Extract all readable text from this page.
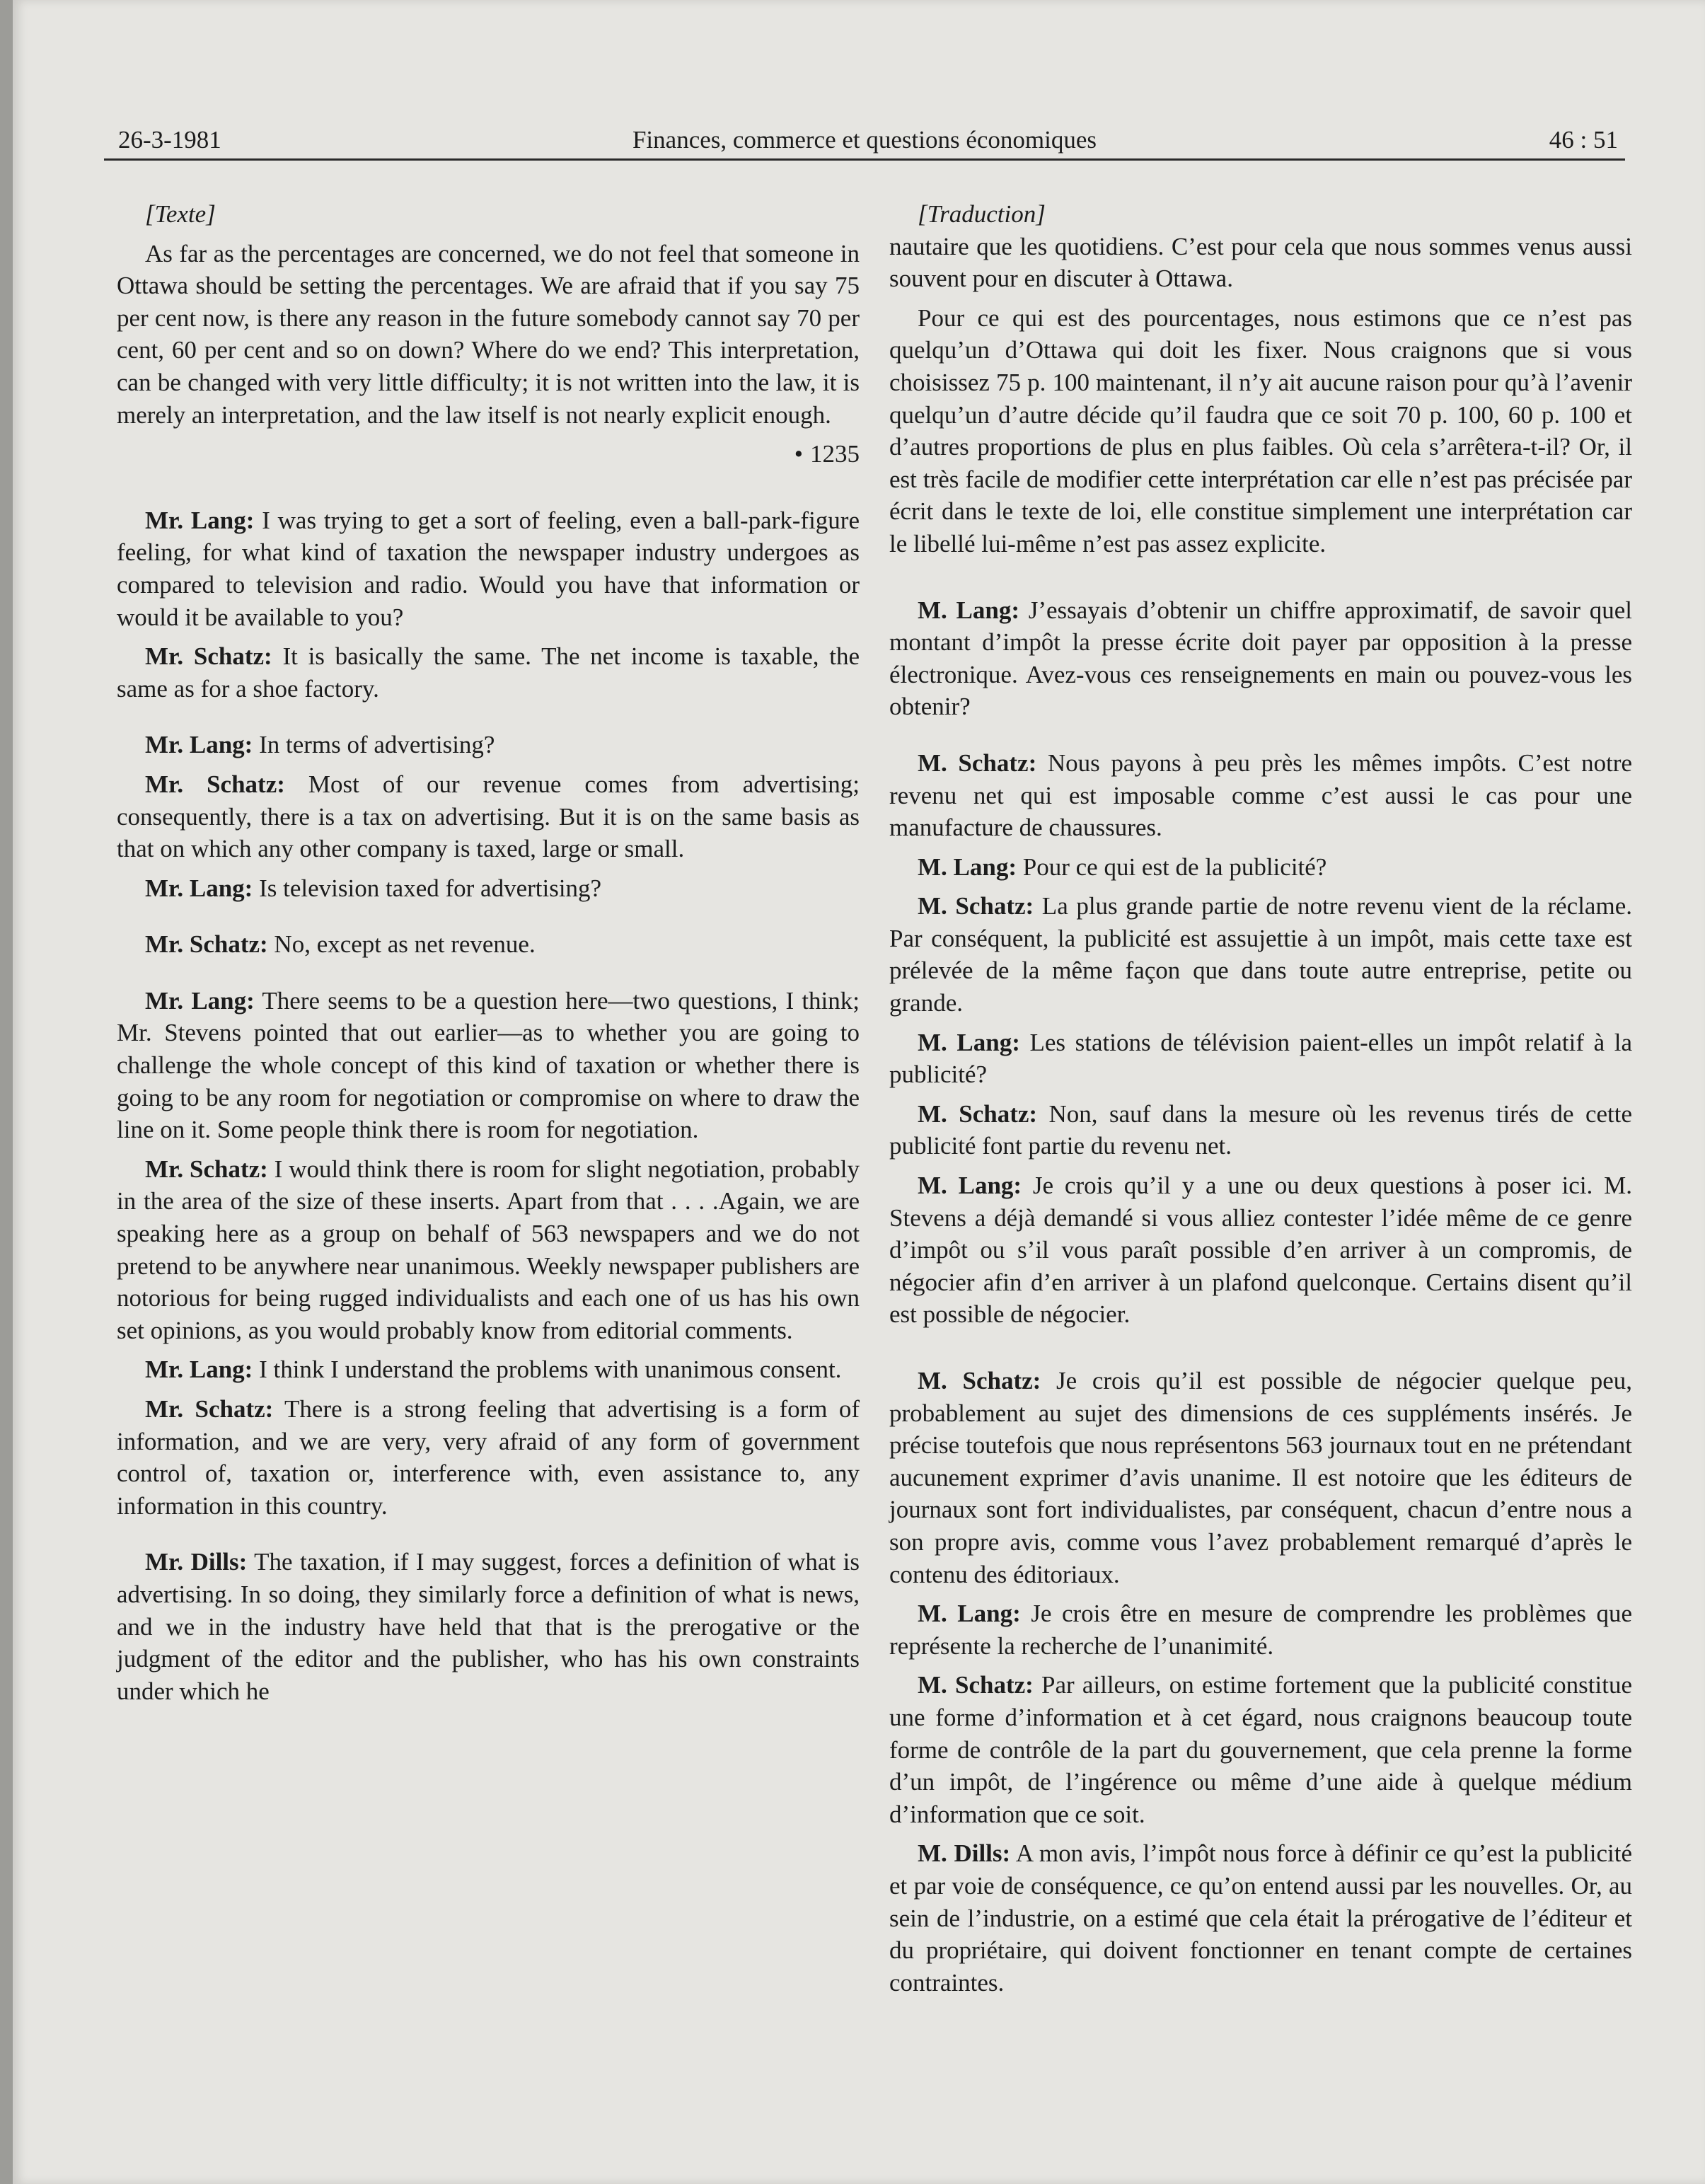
26-3-1981	Finances, commerce et questions économiques	46 : 51

[Texte]

As far as the percentages are concerned, we do not feel that someone in Ottawa should be setting the percentages. We are afraid that if you say 75 per cent now, is there any reason in the future somebody cannot say 70 per cent, 60 per cent and so on down? Where do we end? This interpretation, can be changed with very little difficulty; it is not written into the law, it is merely an interpretation, and the law itself is not nearly explicit enough.

• 1235

Mr. Lang: I was trying to get a sort of feeling, even a ball-park-figure feeling, for what kind of taxation the newspaper industry undergoes as compared to television and radio. Would you have that information or would it be available to you?

Mr. Schatz: It is basically the same. The net income is taxable, the same as for a shoe factory.

Mr. Lang: In terms of advertising?

Mr. Schatz: Most of our revenue comes from advertising; consequently, there is a tax on advertising. But it is on the same basis as that on which any other company is taxed, large or small.

Mr. Lang: Is television taxed for advertising?

Mr. Schatz: No, except as net revenue.

Mr. Lang: There seems to be a question here—two questions, I think; Mr. Stevens pointed that out earlier—as to whether you are going to challenge the whole concept of this kind of taxation or whether there is going to be any room for negotiation or compromise on where to draw the line on it. Some people think there is room for negotiation.

Mr. Schatz: I would think there is room for slight negotiation, probably in the area of the size of these inserts. Apart from that . . . .Again, we are speaking here as a group on behalf of 563 newspapers and we do not pretend to be anywhere near unanimous. Weekly newspaper publishers are notorious for being rugged individualists and each one of us has his own set opinions, as you would probably know from editorial comments.

Mr. Lang: I think I understand the problems with unanimous consent.

Mr. Schatz: There is a strong feeling that advertising is a form of information, and we are very, very afraid of any form of government control of, taxation or, interference with, even assistance to, any information in this country.

Mr. Dills: The taxation, if I may suggest, forces a definition of what is advertising. In so doing, they similarly force a definition of what is news, and we in the industry have held that that is the prerogative or the judgment of the editor and the publisher, who has his own constraints under which he

[Traduction]

nautaire que les quotidiens. C’est pour cela que nous sommes venus aussi souvent pour en discuter à Ottawa.

Pour ce qui est des pourcentages, nous estimons que ce n’est pas quelqu’un d’Ottawa qui doit les fixer. Nous craignons que si vous choisissez 75 p. 100 maintenant, il n’y ait aucune raison pour qu’à l’avenir quelqu’un d’autre décide qu’il faudra que ce soit 70 p. 100, 60 p. 100 et d’autres proportions de plus en plus faibles. Où cela s’arrêtera-t-il? Or, il est très facile de modifier cette interprétation car elle n’est pas précisée par écrit dans le texte de loi, elle constitue simplement une interprétation car le libellé lui-même n’est pas assez explicite.

M. Lang: J’essayais d’obtenir un chiffre approximatif, de savoir quel montant d’impôt la presse écrite doit payer par opposition à la presse électronique. Avez-vous ces renseignements en main ou pouvez-vous les obtenir?

M. Schatz: Nous payons à peu près les mêmes impôts. C’est notre revenu net qui est imposable comme c’est aussi le cas pour une manufacture de chaussures.

M. Lang: Pour ce qui est de la publicité?

M. Schatz: La plus grande partie de notre revenu vient de la réclame. Par conséquent, la publicité est assujettie à un impôt, mais cette taxe est prélevée de la même façon que dans toute autre entreprise, petite ou grande.

M. Lang: Les stations de télévision paient-elles un impôt relatif à la publicité?

M. Schatz: Non, sauf dans la mesure où les revenus tirés de cette publicité font partie du revenu net.

M. Lang: Je crois qu’il y a une ou deux questions à poser ici. M. Stevens a déjà demandé si vous alliez contester l’idée même de ce genre d’impôt ou s’il vous paraît possible d’en arriver à un compromis, de négocier afin d’en arriver à un plafond quelconque. Certains disent qu’il est possible de négocier.

M. Schatz: Je crois qu’il est possible de négocier quelque peu, probablement au sujet des dimensions de ces suppléments insérés. Je précise toutefois que nous représentons 563 journaux tout en ne prétendant aucunement exprimer d’avis unanime. Il est notoire que les éditeurs de journaux sont fort individualistes, par conséquent, chacun d’entre nous a son propre avis, comme vous l’avez probablement remarqué d’après le contenu des éditoriaux.

M. Lang: Je crois être en mesure de comprendre les problèmes que représente la recherche de l’unanimité.

M. Schatz: Par ailleurs, on estime fortement que la publicité constitue une forme d’information et à cet égard, nous craignons beaucoup toute forme de contrôle de la part du gouvernement, que cela prenne la forme d’un impôt, de l’ingérence ou même d’une aide à quelque médium d’information que ce soit.

M. Dills: A mon avis, l’impôt nous force à définir ce qu’est la publicité et par voie de conséquence, ce qu’on entend aussi par les nouvelles. Or, au sein de l’industrie, on a estimé que cela était la prérogative de l’éditeur et du propriétaire, qui doivent fonctionner en tenant compte de certaines contraintes.
